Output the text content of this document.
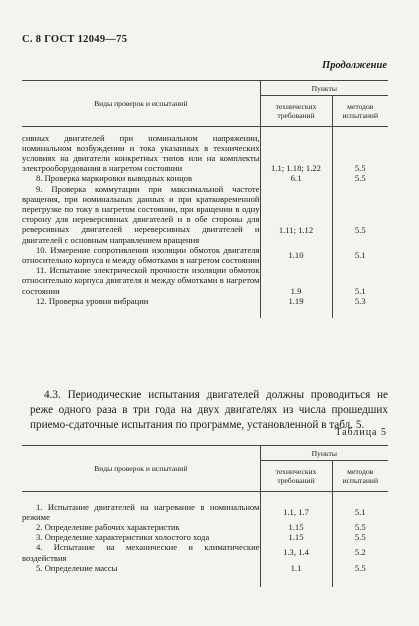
С. 8 ГОСТ 12049—75
Продолжение
Виды проверок и испытаний	Пункты	
	технических требований	методов испытаний

сивных двигателей при номинальном напряжении, номинальном возбуждении и тока указанных в технических условиях на двигатели конкретных типов или на комплекты электрооборудования в нагретом состоянии	1.1; 1.18; 1.22	5.5
8. Проверка маркировки выводных концов	6.1	5.5
9. Проверка коммутации при максимальной частоте вращения, при номинальных данных и при кратковременной перегрузке по току в нагретом состоянии, при вращении в одну сторону для нереверсивных двигателей и в обе стороны для реверсивных двигателей нереверсивных двигателей и двигателей с основным направлением вращения	1.11; 1.12	5.5
10. Измерение сопротивления изоляции обмоток двигателя относительно корпуса и между обмотками в нагретом состоянии	1.10	5.1
11. Испытание электрической прочности изоляции обмоток относительно корпуса двигателя и между обмотками в нагретом состоянии	1.9	5.1
12. Проверка уровня вибрации	1.19	5.3
4.3. Периодические испытания двигателей должны проводиться не реже одного раза в три года на двух двигателях из числа прошедших приемо-сдаточные испытания по программе, установленной в табл. 5.
Таблица 5
Виды проверок и испытаний	Пункты	
	технических требований	методов испытаний

1. Испытание двигателей на нагревание в номинальном режиме	1.1, 1.7	5.1
2. Определение рабочих характеристик	1.15	5.5
3. Определение характеристики холостого хода	1.15	5.5
4. Испытание на механические и климатические воздействия	1.3, 1.4	5.2
5. Определение массы	1.1	5.5
